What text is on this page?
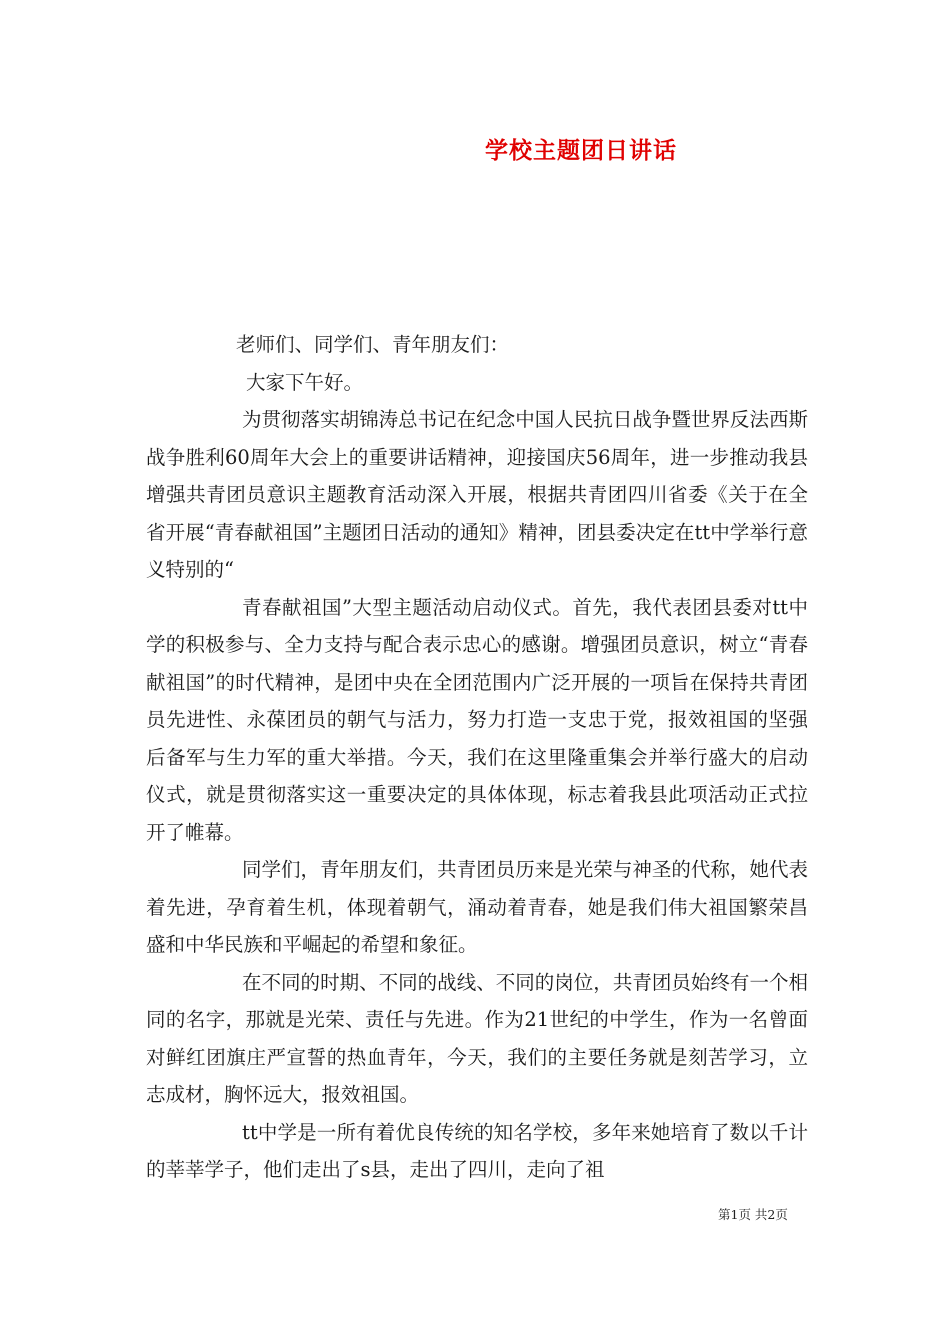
学校主题团日讲话

老师们、同学们、青年朋友们：

大家下午好。

为贯彻落实胡锦涛总书记在纪念中国人民抗日战争暨世界反法西斯战争胜利60周年大会上的重要讲话精神，迎接国庆56周年，进一步推动我县增强共青团员意识主题教育活动深入开展，根据共青团四川省委《关于在全省开展“青春献祖国”主题团日活动的通知》精神，团县委决定在tt中学举行意义特别的“

青春献祖国”大型主题活动启动仪式。首先，我代表团县委对tt中学的积极参与、全力支持与配合表示忠心的感谢。增强团员意识，树立“青春献祖国”的时代精神，是团中央在全团范围内广泛开展的一项旨在保持共青团员先进性、永葆团员的朝气与活力，努力打造一支忠于党，报效祖国的坚强后备军与生力军的重大举措。今天，我们在这里隆重集会并举行盛大的启动仪式，就是贯彻落实这一重要决定的具体体现，标志着我县此项活动正式拉开了帷幕。

同学们，青年朋友们，共青团员历来是光荣与神圣的代称，她代表着先进，孕育着生机，体现着朝气，涌动着青春，她是我们伟大祖国繁荣昌盛和中华民族和平崛起的希望和象征。

在不同的时期、不同的战线、不同的岗位，共青团员始终有一个相同的名字，那就是光荣、责任与先进。作为21世纪的中学生，作为一名曾面对鲜红团旗庄严宣誓的热血青年，今天，我们的主要任务就是刻苦学习，立志成材，胸怀远大，报效祖国。

tt中学是一所有着优良传统的知名学校，多年来她培育了数以千计的莘莘学子，他们走出了s县，走出了四川，走向了祖

第1页 共2页
